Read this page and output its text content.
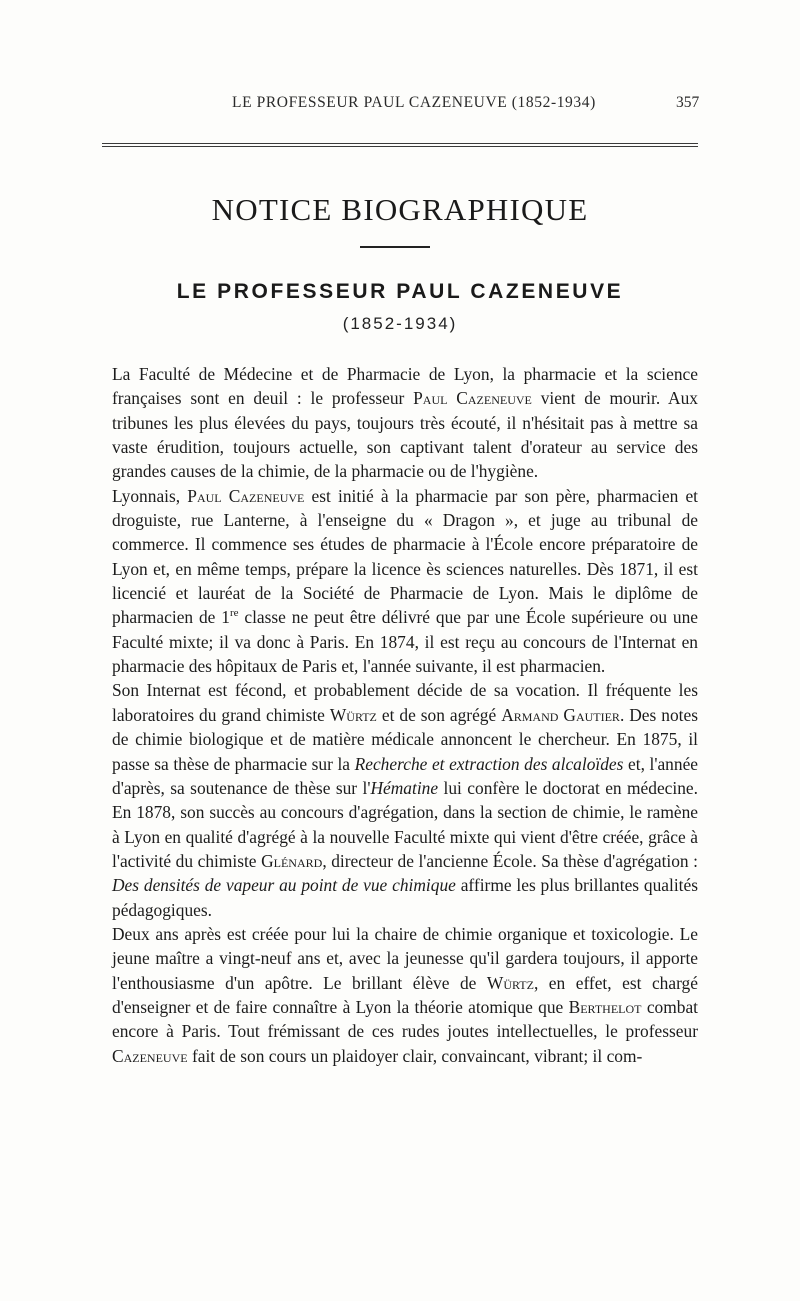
LE PROFESSEUR PAUL CAZENEUVE (1852-1934)	357
NOTICE BIOGRAPHIQUE
LE PROFESSEUR PAUL CAZENEUVE
(1852-1934)

La Faculté de Médecine et de Pharmacie de Lyon, la pharmacie et la science françaises sont en deuil : le professeur Paul Cazeneuve vient de mourir. Aux tribunes les plus élevées du pays, toujours très écouté, il n'hésitait pas à mettre sa vaste érudition, toujours actuelle, son captivant talent d'orateur au service des grandes causes de la chimie, de la pharmacie ou de l'hygiène.

Lyonnais, Paul Cazeneuve est initié à la pharmacie par son père, pharmacien et droguiste, rue Lanterne, à l'enseigne du « Dragon », et juge au tribunal de commerce. Il commence ses études de pharmacie à l'École encore préparatoire de Lyon et, en même temps, prépare la licence ès sciences naturelles. Dès 1871, il est licencié et lauréat de la Société de Pharmacie de Lyon. Mais le diplôme de pharmacien de 1re classe ne peut être délivré que par une École supérieure ou une Faculté mixte; il va donc à Paris. En 1874, il est reçu au concours de l'Internat en pharmacie des hôpitaux de Paris et, l'année suivante, il est pharmacien.

Son Internat est fécond, et probablement décide de sa vocation. Il fréquente les laboratoires du grand chimiste Würtz et de son agrégé Armand Gautier. Des notes de chimie biologique et de matière médicale annoncent le chercheur. En 1875, il passe sa thèse de pharmacie sur la Recherche et extraction des alcaloïdes et, l'année d'après, sa soutenance de thèse sur l'Hématine lui confère le doctorat en médecine. En 1878, son succès au concours d'agrégation, dans la section de chimie, le ramène à Lyon en qualité d'agrégé à la nouvelle Faculté mixte qui vient d'être créée, grâce à l'activité du chimiste Glénard, directeur de l'ancienne École. Sa thèse d'agrégation : Des densités de vapeur au point de vue chimique affirme les plus brillantes qualités pédagogiques.

Deux ans après est créée pour lui la chaire de chimie organique et toxicologie. Le jeune maître a vingt-neuf ans et, avec la jeunesse qu'il gardera toujours, il apporte l'enthousiasme d'un apôtre. Le brillant élève de Würtz, en effet, est chargé d'enseigner et de faire connaître à Lyon la théorie atomique que Berthelot combat encore à Paris. Tout frémissant de ces rudes joutes intellectuelles, le professeur Cazeneuve fait de son cours un plaidoyer clair, convaincant, vibrant; il com-
